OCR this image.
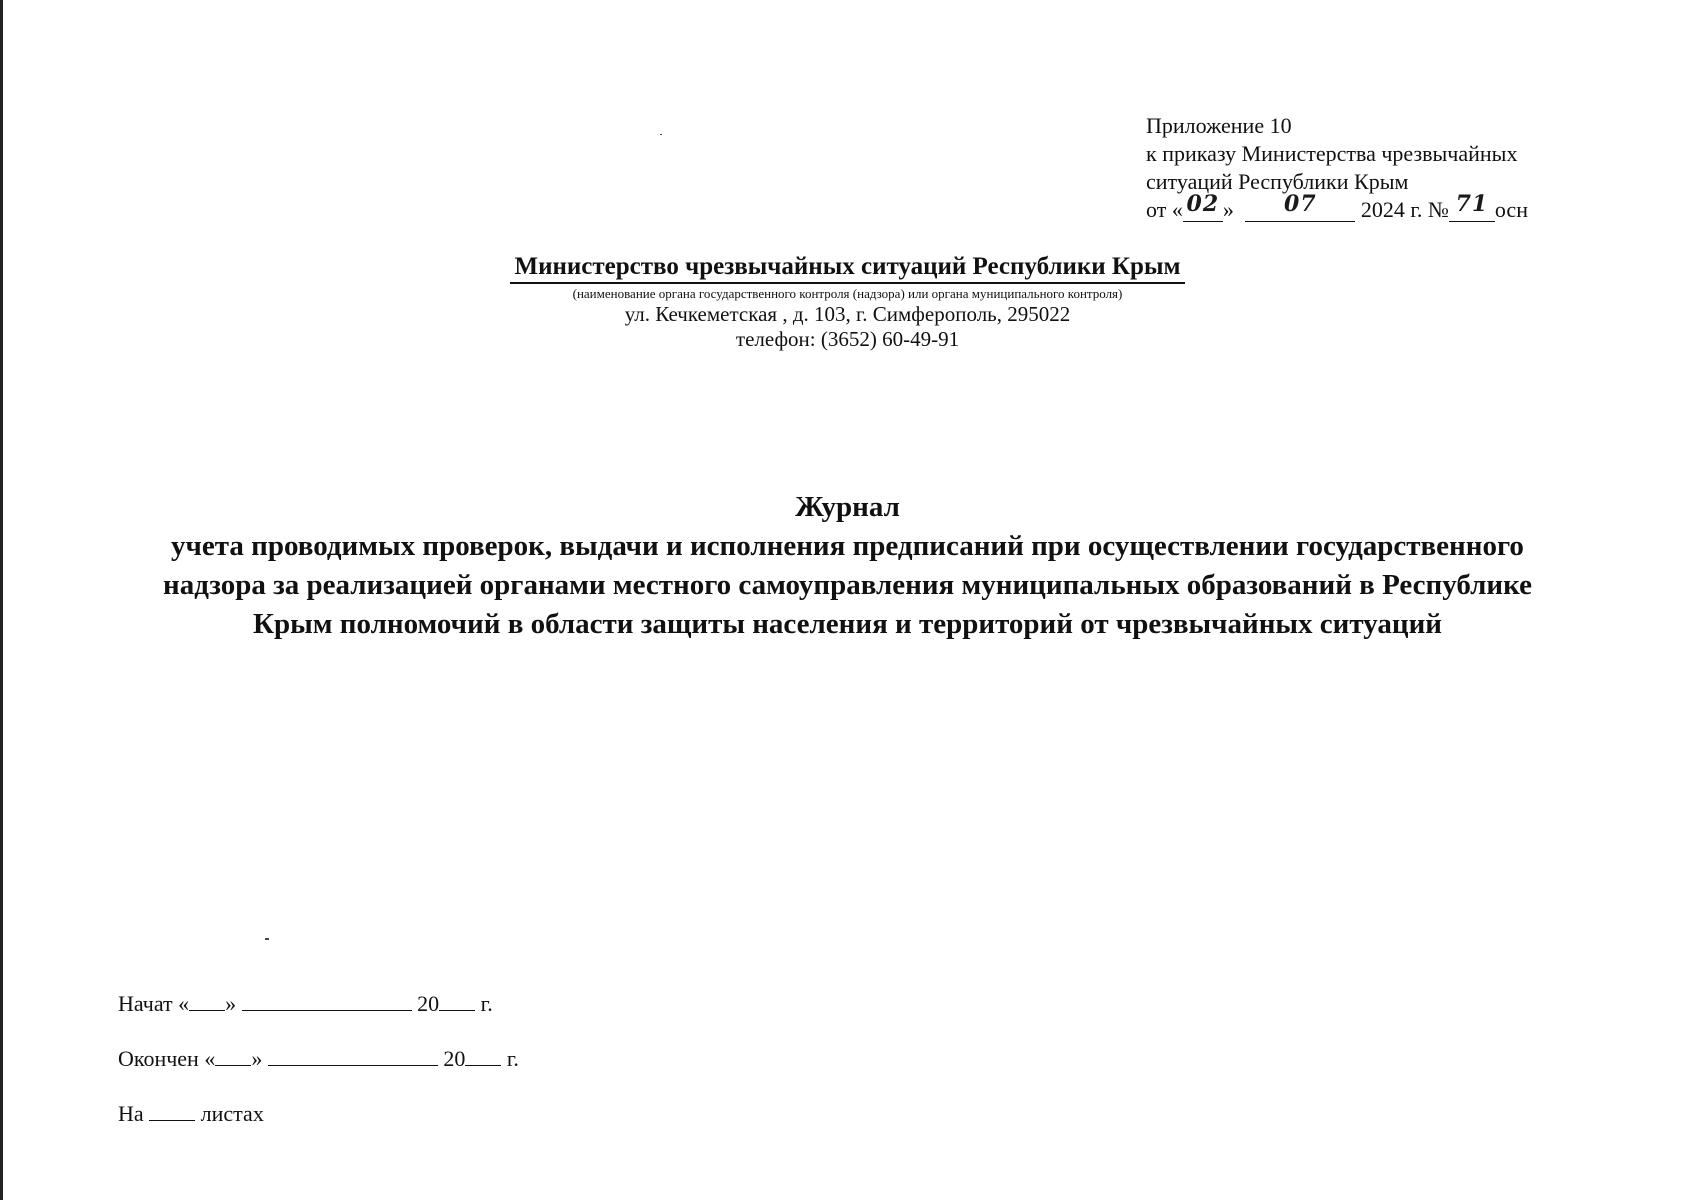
Приложение 10
к приказу Министерства чрезвычайных
ситуаций Республики Крым
от « 02 » 07 2024 г. № 71 осн
Министерство чрезвычайных ситуаций Республики Крым
(наименование органа государственного контроля (надзора) или органа муниципального контроля)
ул. Кечкеметская , д. 103, г. Симферополь, 295022
телефон: (3652) 60-49-91
Журнал
учета проводимых проверок, выдачи и исполнения предписаний при осуществлении государственного надзора за реализацией органами местного самоуправления муниципальных образований в Республике Крым полномочий в области защиты населения и территорий от чрезвычайных ситуаций
Начат « »	20 г.
Окончен « »	20 г.
На	листах
